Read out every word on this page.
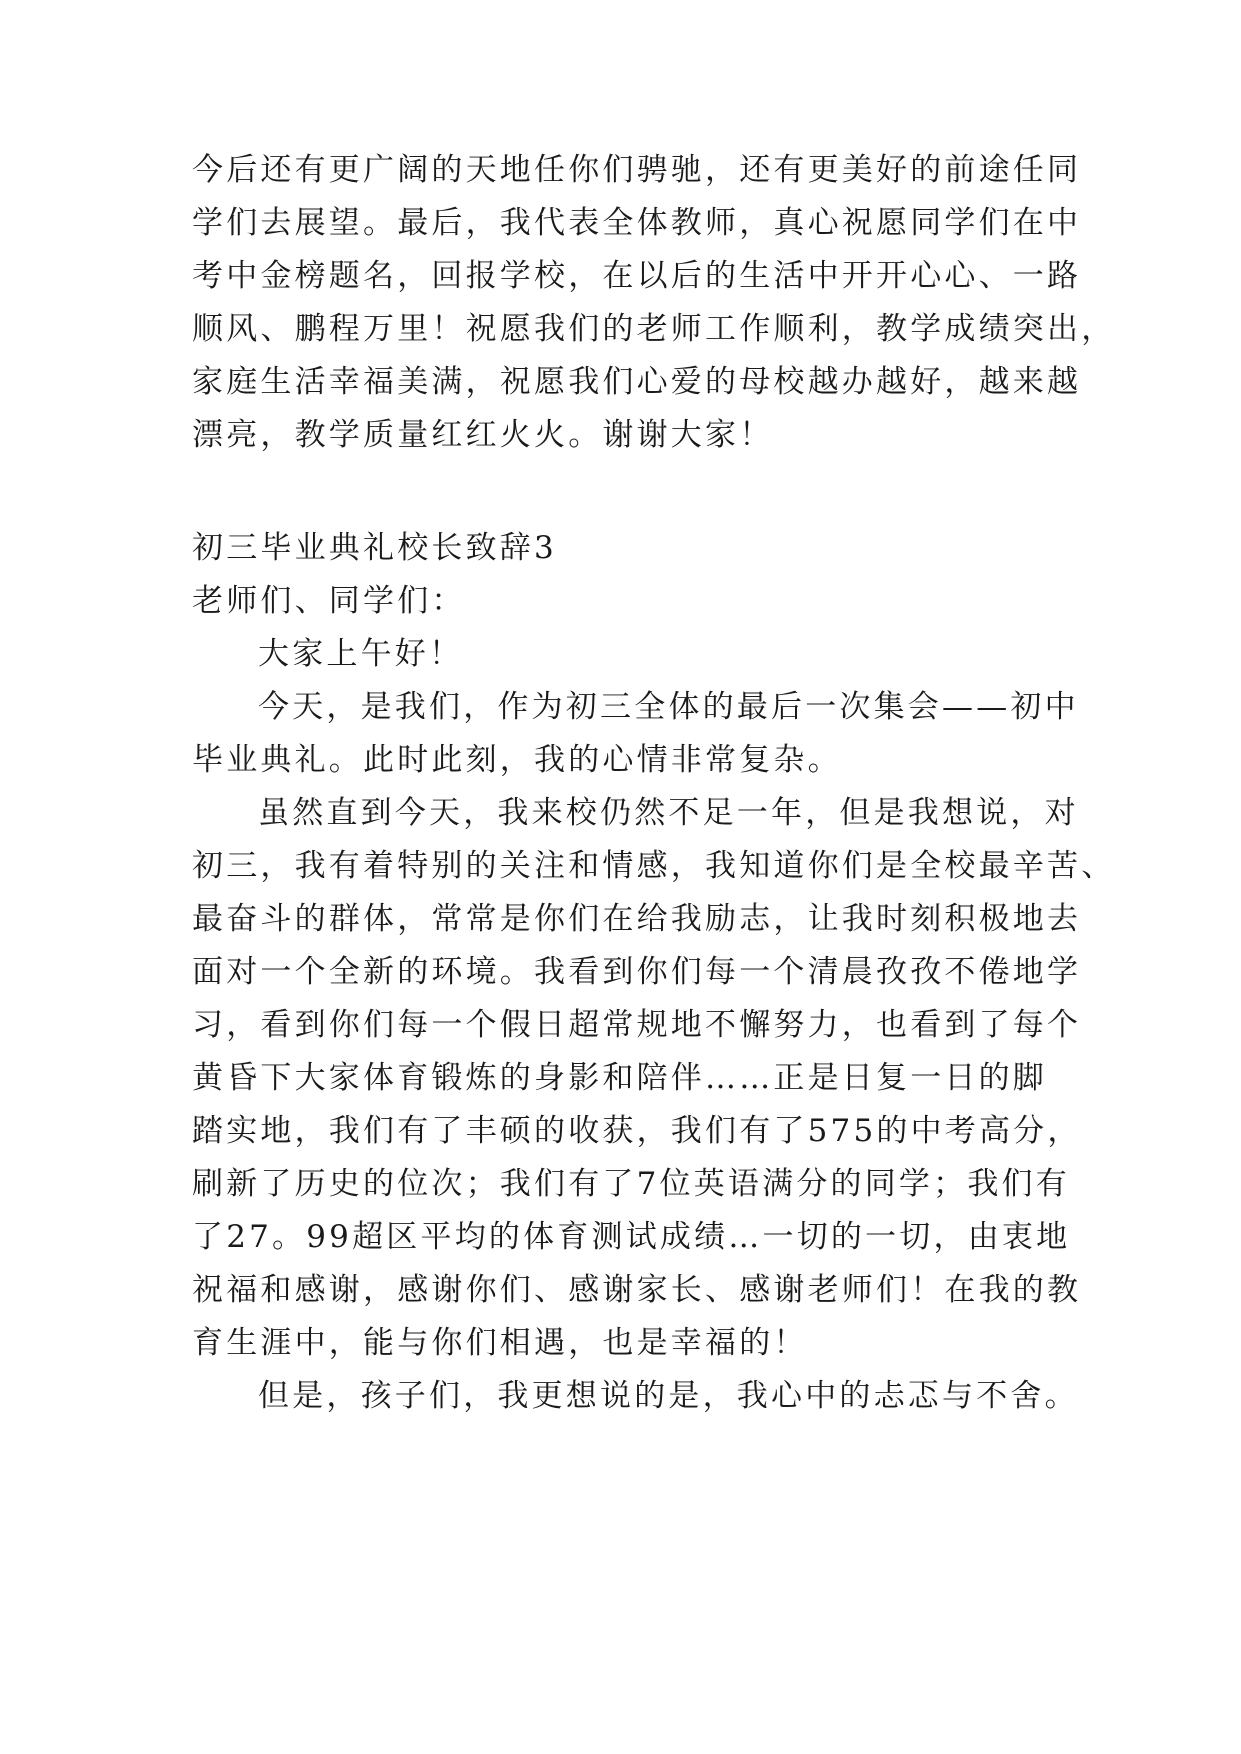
今后还有更广阔的天地任你们骋驰，还有更美好的前途任同
学们去展望。最后，我代表全体教师，真心祝愿同学们在中
考中金榜题名，回报学校，在以后的生活中开开心心、一路
顺风、鹏程万里！祝愿我们的老师工作顺利，教学成绩突出，
家庭生活幸福美满，祝愿我们心爱的母校越办越好，越来越
漂亮，教学质量红红火火。谢谢大家！
初三毕业典礼校长致辞3
老师们、同学们：
大家上午好！
今天，是我们，作为初三全体的最后一次集会——初中
毕业典礼。此时此刻，我的心情非常复杂。
虽然直到今天，我来校仍然不足一年，但是我想说，对
初三，我有着特别的关注和情感，我知道你们是全校最辛苦、
最奋斗的群体，常常是你们在给我励志，让我时刻积极地去
面对一个全新的环境。我看到你们每一个清晨孜孜不倦地学
习，看到你们每一个假日超常规地不懈努力，也看到了每个
黄昏下大家体育锻炼的身影和陪伴……正是日复一日的脚
踏实地，我们有了丰硕的收获，我们有了575的中考高分，
刷新了历史的位次；我们有了7位英语满分的同学；我们有
了27。99超区平均的体育测试成绩…一切的一切，由衷地
祝福和感谢，感谢你们、感谢家长、感谢老师们！在我的教
育生涯中，能与你们相遇，也是幸福的！
但是，孩子们，我更想说的是，我心中的忐忑与不舍。
